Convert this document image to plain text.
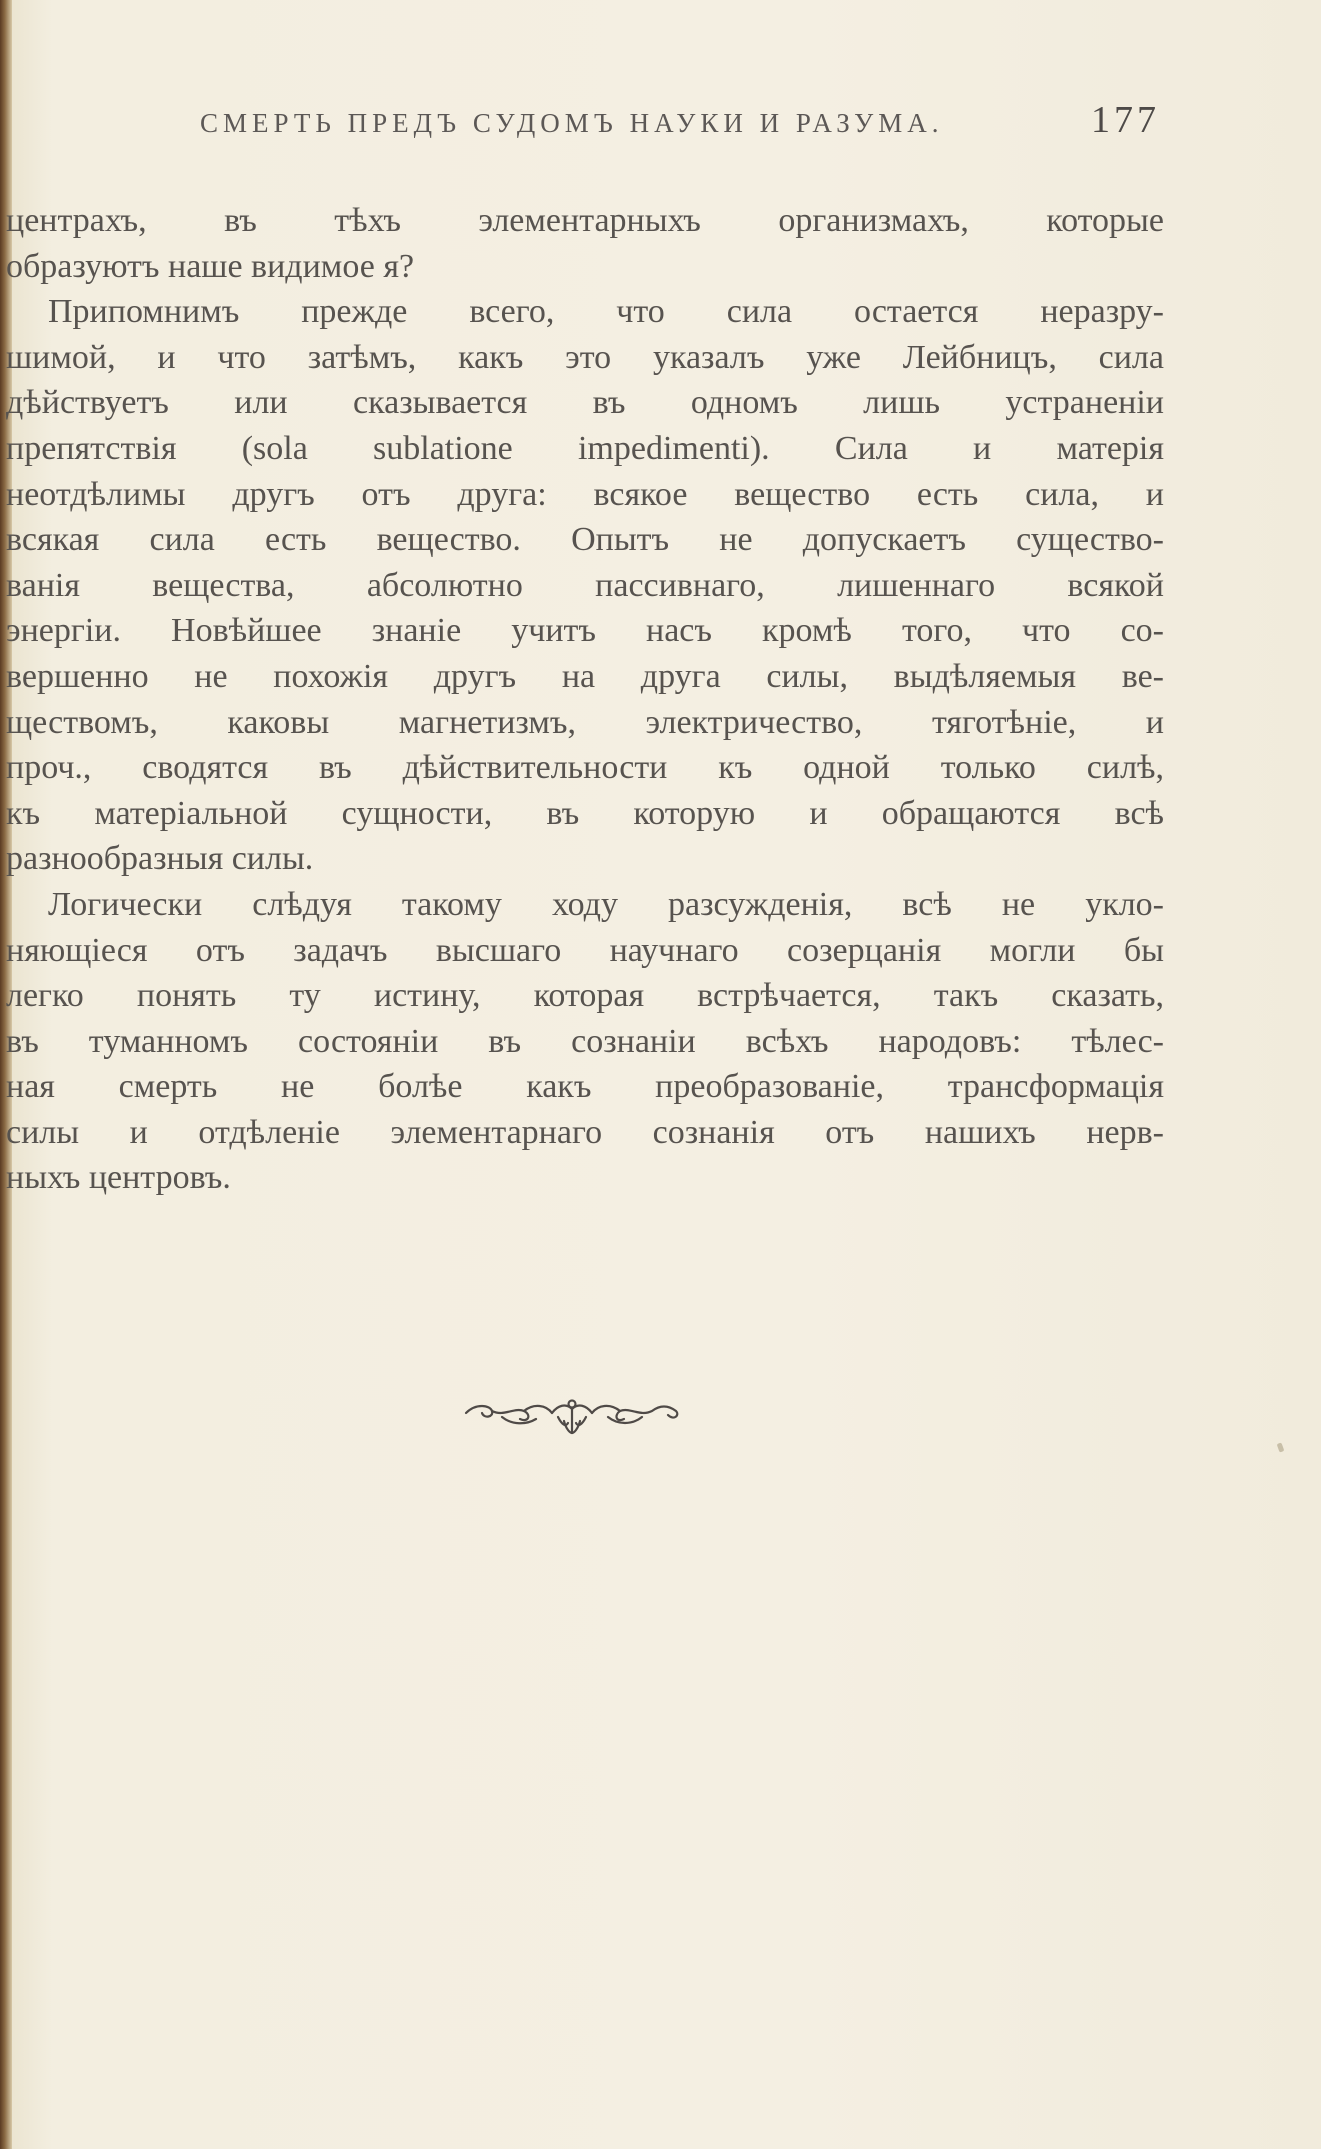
СМЕРТЬ ПРЕДЪ СУДОМЪ НАУКИ И РАЗУМА.	177
центрахъ, въ тѣхъ элементарныхъ организмахъ, которые
образуютъ наше видимое я?
Припомнимъ прежде всего, что сила остается неразру-
шимой, и что затѣмъ, какъ это указалъ уже Лейбницъ, сила
дѣйствуетъ или сказывается въ одномъ лишь устраненіи
препятствія (sola sublatione impedimenti). Сила и матерія
неотдѣлимы другъ отъ друга: всякое вещество есть сила, и
всякая сила есть вещество. Опытъ не допускаетъ существо-
ванія вещества, абсолютно пассивнаго, лишеннаго всякой
энергіи. Новѣйшее знаніе учитъ насъ кромѣ того, что со-
вершенно не похожія другъ на друга силы, выдѣляемыя ве-
ществомъ, каковы магнетизмъ, электричество, тяготѣніе, и
проч., сводятся въ дѣйствительности къ одной только силѣ,
къ матеріальной сущности, въ которую и обращаются всѣ
разнообразныя силы.
Логически слѣдуя такому ходу разсужденія, всѣ не укло-
няющіеся отъ задачъ высшаго научнаго созерцанія могли бы
легко понять ту истину, которая встрѣчается, такъ сказать,
въ туманномъ состояніи въ сознаніи всѣхъ народовъ: тѣлес-
ная смерть не болѣе какъ преобразованіе, трансформація
силы и отдѣленіе элементарнаго сознанія отъ нашихъ нерв-
ныхъ центровъ.
